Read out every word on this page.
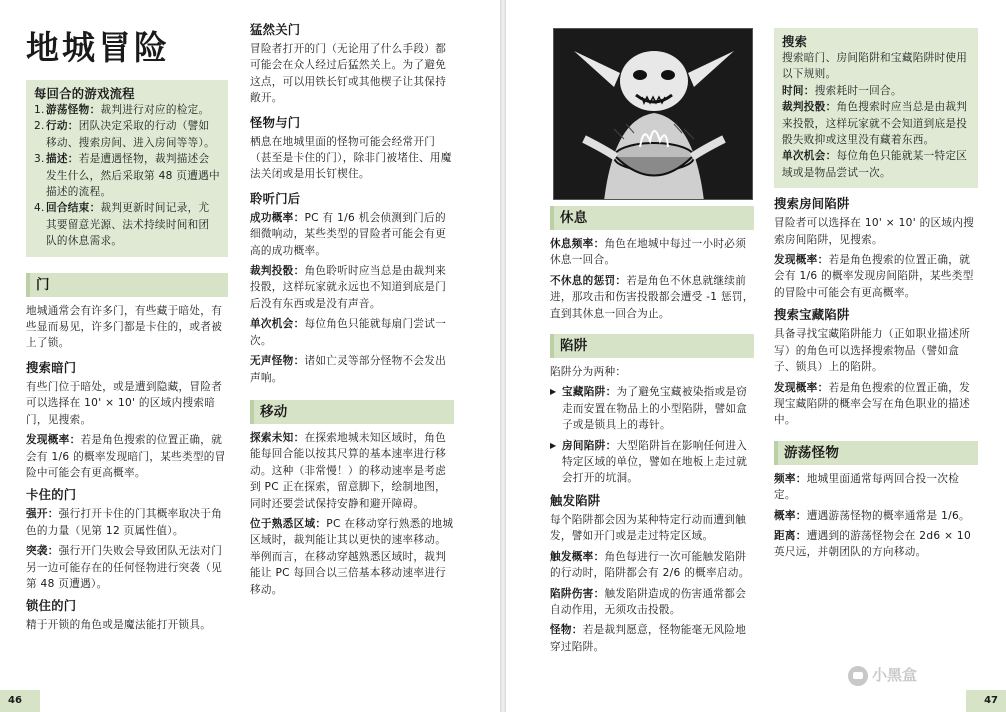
地城冒险
每回合的游戏流程
1. 游荡怪物：裁判进行对应的检定。
2. 行动：团队决定采取的行动（譬如移动、搜索房间、进入房间等等）。
3. 描述：若是遭遇怪物，裁判描述会发生什么，然后采取第 48 页遭遇中描述的流程。
4. 回合结束：裁判更新时间记录，尤其要留意光源、法术持续时间和团队的休息需求。
门
地城通常会有许多门，有些藏于暗处，有些显而易见，许多门都是卡住的，或者被上了锁。
搜索暗门
有些门位于暗处，或是遭到隐藏，冒险者可以选择在 10' × 10' 的区域内搜索暗门，见搜索。
发现概率：若是角色搜索的位置正确，就会有 1/6 的概率发现暗门，某些类型的冒险中可能会有更高概率。
卡住的门
强开：强行打开卡住的门其概率取决于角色的力量（见第 12 页属性值）。
突袭：强行开门失败会导致团队无法对门另一边可能存在的任何怪物进行突袭（见第 48 页遭遇）。
锁住的门
精于开锁的角色或是魔法能打开锁具。
猛然关门
冒险者打开的门（无论用了什么手段）都可能会在众人经过后猛然关上。为了避免这点，可以用铁长钉或其他楔子让其保持敞开。
怪物与门
栖息在地城里面的怪物可能会经常开门（甚至是卡住的门），除非门被堵住、用魔法关闭或是用长钉楔住。
聆听门后
成功概率：PC 有 1/6 机会侦测到门后的细微响动，某些类型的冒险者可能会有更高的成功概率。
裁判投骰：角色聆听时应当总是由裁判来投骰，这样玩家就永远也不知道到底是门后没有东西或是没有声音。
单次机会：每位角色只能就每扇门尝试一次。
无声怪物：诸如亡灵等部分怪物不会发出声响。
移动
探索未知：在探索地城未知区域时，角色能每回合能以按其尺算的基本速率进行移动。这种（非常慢！）的移动速率是考虑到 PC 正在探索，留意脚下，绘制地图，同时还要尝试保持安静和避开障碍。
位于熟悉区域：PC 在移动穿行熟悉的地城区域时，裁判能让其以更快的速率移动。举例而言，在移动穿越熟悉区域时，裁判能让 PC 每回合以三倍基本移动速率进行移动。
46
休息
休息频率：角色在地城中每过一小时必须休息一回合。
不休息的惩罚：若是角色不休息就继续前进，那攻击和伤害投骰都会遭受 -1 惩罚，直到其休息一回合为止。
陷阱
陷阱分为两种：
▶ 宝藏陷阱：为了避免宝藏被染指或是窃走而安置在物品上的小型陷阱，譬如盒子或是锁具上的毒针。
▶ 房间陷阱：大型陷阱旨在影响任何进入特定区域的单位，譬如在地板上走过就会打开的坑洞。
触发陷阱
每个陷阱都会因为某种特定行动而遭到触发，譬如开门或是走过特定区域。
触发概率：角色每进行一次可能触发陷阱的行动时，陷阱都会有 2/6 的概率启动。
陷阱伤害：触发陷阱造成的伤害通常都会自动作用，无须攻击投骰。
怪物：若是裁判愿意，怪物能毫无风险地穿过陷阱。
搜索
搜索暗门、房间陷阱和宝藏陷阱时使用以下规则。
时间：搜索耗时一回合。
裁判投骰：角色搜索时应当总是由裁判来投骰，这样玩家就不会知道到底是投骰失败抑或这里没有藏着东西。
单次机会：每位角色只能就某一特定区域或是物品尝试一次。
搜索房间陷阱
冒险者可以选择在 10' × 10' 的区域内搜索房间陷阱，见搜索。
发现概率：若是角色搜索的位置正确，就会有 1/6 的概率发现房间陷阱，某些类型的冒险中可能会有更高概率。
搜索宝藏陷阱
具备寻找宝藏陷阱能力（正如职业描述所写）的角色可以选择搜索物品（譬如盒子、锁具）上的陷阱。
发现概率：若是角色搜索的位置正确，发现宝藏陷阱的概率会写在角色职业的描述中。
游荡怪物
频率：地城里面通常每两回合投一次检定。
概率：遭遇游荡怪物的概率通常是 1/6。
距离：遭遇到的游荡怪物会在 2d6 × 10 英尺远，并朝团队的方向移动。
小黑盒
47
